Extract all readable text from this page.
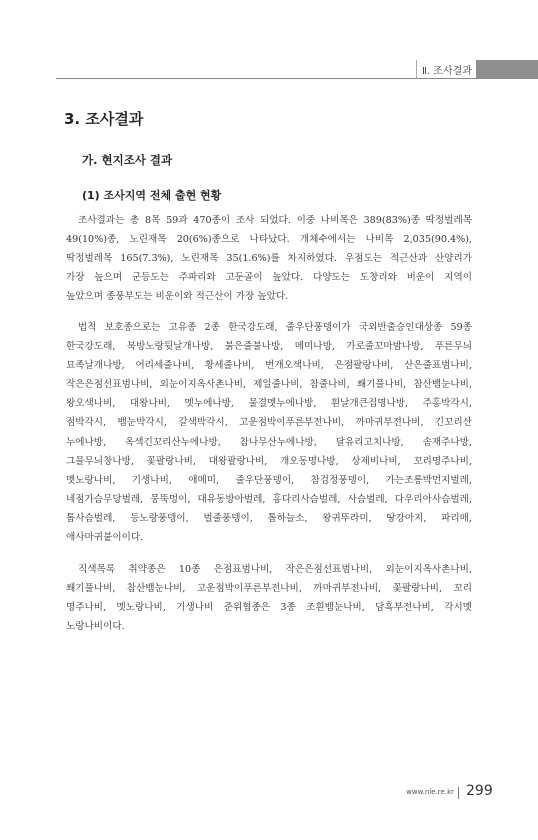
Ⅱ. 조사결과
3. 조사결과
가. 현지조사 결과
(1) 조사지역 전체 출현 현황

조사결과는 총 8목 59과 470종이 조사 되었다. 이중 나비목은 389(83%)종 딱정벌레목

49(10%)종, 노린재목 20(6%)종으로 나타났다. 개체수에서는 나비목 2,035(90.4%),

딱정벌레목 165(7.3%), 노린재목 35(1.6%)를 차지하였다. 우점도는 적근산과 산양리가

가장 높으며 군등도는 주파리와 고둔골이 높았다. 다양도는 도창리와 비운이 지역이

높았으며 종풍부도는 비운이와 적근산이 가장 높았다.

법적 보호종으로는 고유종 2종 한국강도래, 줄우단풍뎅이가 국외반출승인대상종 59종

한국강도래, 북방노랑뒷날개나방, 붉은줄불나방, 메미나방, 가로줄꼬마밤나방, 푸른무늬

묘족날개나방, 어리세줄나비, 황세줄나비, 번개오색나비, 은점팔랑나비, 산은줄표범나비,

작은은점선표범나비, 외눈이지옥사촌나비, 제일줄나비, 참줄나비, 쐐기풀나비, 참산뱀눈나비,

왕오색나비, 대왕나비, 멧누에나방, 물결멧누에나방, 흰날개큰집명나방, 주홍박각시,

점박각시, 뱀눈박각시, 갈색박각시, 고운점박이푸른부전나비, 까마귀부전나비, 긴꼬리산

누에나방, 옥색긴꼬리산누에나방, 참나무산누에나방, 달유리고치나방, 솜재주나방,

그물무늬창나방, 꽃팔랑나비, 대왕팔랑나비, 개오동명나방, 상제비나비, 꼬리명주나비,

멧노랑나비, 기생나비, 애메미, 줄우단풍뎅이, 참검정풍뎅이, 가는조롱박먼지벌레,

네점가슴무당벌레, 뭉뚝멍이, 대유동방아벌레, 홍다리사슴벌레, 사슴벌레, 다우리아사슴벌레,

톱사슴벌레, 등노랑풍뎅이, 벌줄풍뎅이, 톱하늘소, 왕귀뚜라미, 땅강아지, 파리매,

애사마귀붙이이다.

직색목록 취약종은 10종 은점표범나비, 작은은점선표범나비, 외눈이지옥사촌나비,

쐐기풀나비, 참산뱀눈나비, 고운점박이푸른부전나비, 까마귀부전나비, 꽃팔랑나비, 꼬리

명주나비, 멧노랑나비, 기생나비 준위협종은 3종 조흰뱀눈나비, 담흑부전나비, 각시멧

노랑나비이다.

www.nie.re.kr 299
